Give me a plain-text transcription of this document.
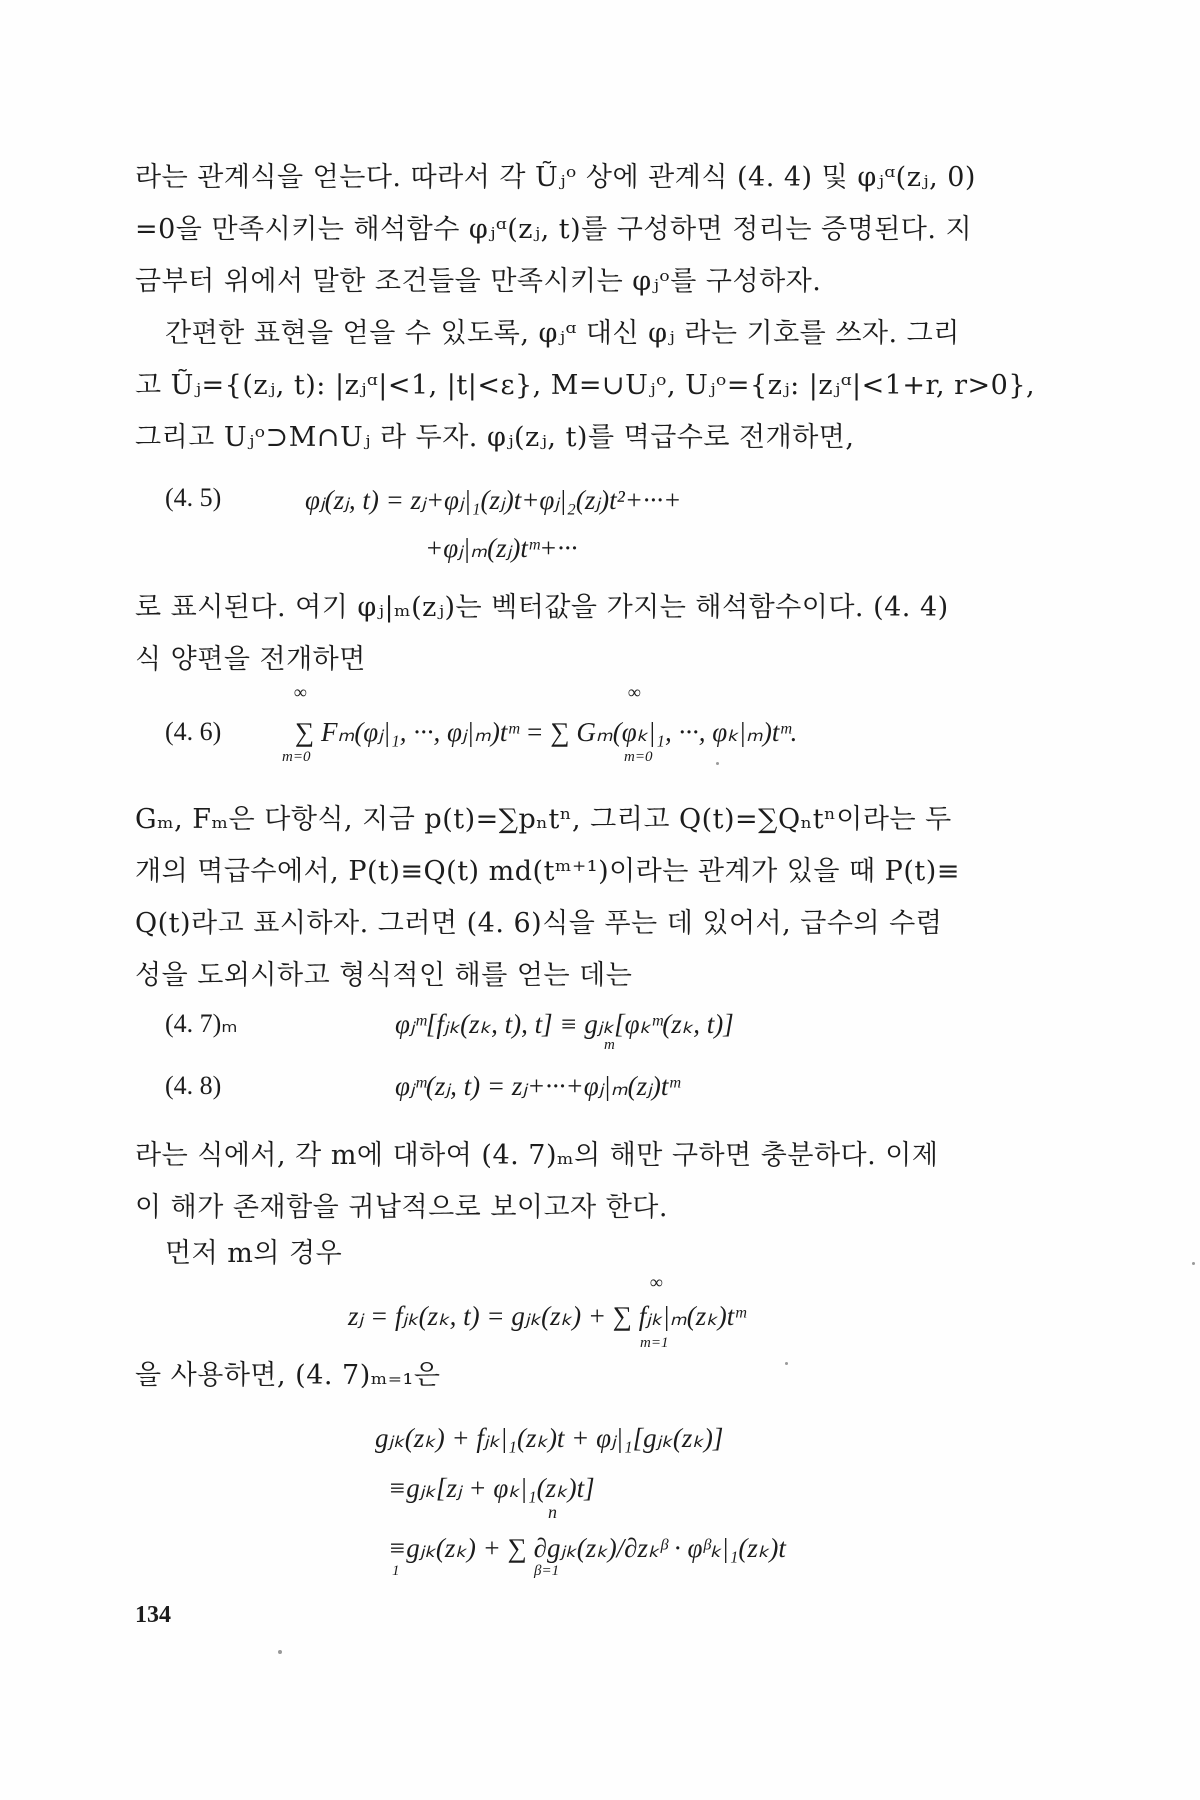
라는 관계식을 얻는다. 따라서 각 Ũⱼᵒ 상에 관계식 (4. 4) 및 φⱼᵅ(zⱼ, 0)
=0을 만족시키는 해석함수 φⱼᵅ(zⱼ, t)를 구성하면 정리는 증명된다. 지
금부터 위에서 말한 조건들을 만족시키는 φⱼᵒ를 구성하자.
간편한 표현을 얻을 수 있도록, φⱼᵅ 대신 φⱼ 라는 기호를 쓰자. 그리
고 Ũⱼ={(zⱼ, t): |zⱼᵅ|<1, |t|<ε}, M=∪Uⱼᵒ, Uⱼᵒ={zⱼ: |zⱼᵅ|<1+r, r>0},
그리고 Uⱼᵒ⊃M∩Uⱼ 라 두자. φⱼ(zⱼ, t)를 멱급수로 전개하면,
(4. 5)	φⱼ(zⱼ, t) = zⱼ+φⱼ|₁(zⱼ)t+φⱼ|₂(zⱼ)t²+···+
+φⱼ|ₘ(zⱼ)tᵐ+···
로 표시된다. 여기 φⱼ|ₘ(zⱼ)는 벡터값을 가지는 해석함수이다. (4. 4)
식 양편을 전개하면
(4. 6)
∞	∞
∑ Fₘ(φⱼ|₁, ···, φⱼ|ₘ)tᵐ = ∑ Gₘ(φₖ|₁, ···, φₖ|ₘ)tᵐ.
m=0	m=0
Gₘ, Fₘ은 다항식, 지금 p(t)=∑pₙtⁿ, 그리고 Q(t)=∑Qₙtⁿ이라는 두
개의 멱급수에서, P(t)≡Q(t) md(tᵐ⁺¹)이라는 관계가 있을 때 P(t)≡
Q(t)라고 표시하자. 그러면 (4. 6)식을 푸는 데 있어서, 급수의 수렴
성을 도외시하고 형식적인 해를 얻는 데는
(4. 7)ₘ	φⱼᵐ[fⱼₖ(zₖ, t), t] ≡ gⱼₖ[φₖᵐ(zₖ, t)]
m
(4. 8)	φⱼᵐ(zⱼ, t) = zⱼ+···+φⱼ|ₘ(zⱼ)tᵐ
라는 식에서, 각 m에 대하여 (4. 7)ₘ의 해만 구하면 충분하다. 이제
이 해가 존재함을 귀납적으로 보이고자 한다.
먼저 m의 경우
∞
zⱼ = fⱼₖ(zₖ, t) = gⱼₖ(zₖ) + ∑ fⱼₖ|ₘ(zₖ)tᵐ
m=1
을 사용하면, (4. 7)ₘ₌₁은
gⱼₖ(zₖ) + fⱼₖ|₁(zₖ)t + φⱼ|₁[gⱼₖ(zₖ)]
≡gⱼₖ[zⱼ + φₖ|₁(zₖ)t]
n
≡gⱼₖ(zₖ) + ∑ ∂gⱼₖ(zₖ)/∂zₖᵝ · φᵝₖ|₁(zₖ)t
1	β=1
134
